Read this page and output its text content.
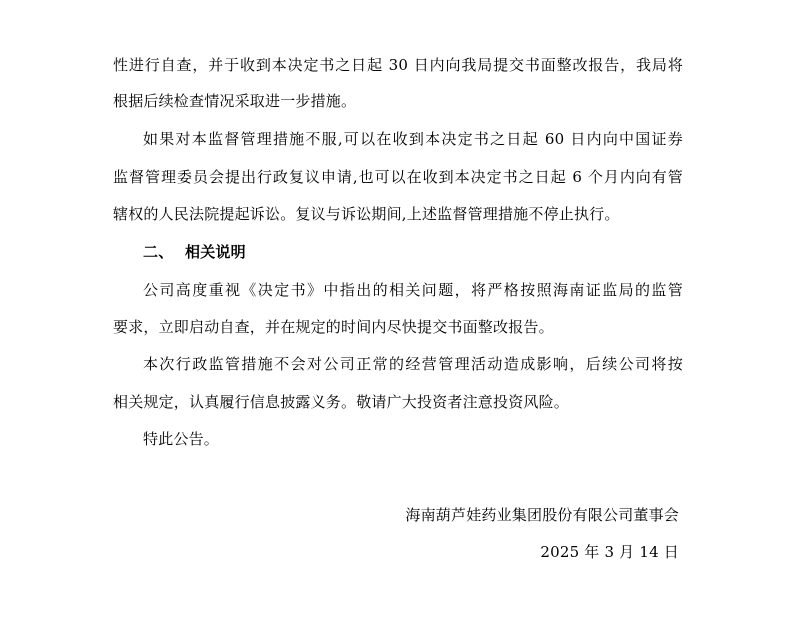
性进行自查，并于收到本决定书之日起 30 日内向我局提交书面整改报告，我局将
根据后续检查情况采取进一步措施。
如果对本监督管理措施不服,可以在收到本决定书之日起 60 日内向中国证券
监督管理委员会提出行政复议申请,也可以在收到本决定书之日起 6 个月内向有管
辖权的人民法院提起诉讼。复议与诉讼期间,上述监督管理措施不停止执行。
二、 相关说明
公司高度重视《决定书》中指出的相关问题，将严格按照海南证监局的监管
要求，立即启动自查，并在规定的时间内尽快提交书面整改报告。
本次行政监管措施不会对公司正常的经营管理活动造成影响，后续公司将按
相关规定，认真履行信息披露义务。敬请广大投资者注意投资风险。
特此公告。
海南葫芦娃药业集团股份有限公司董事会
2025 年 3 月 14 日
